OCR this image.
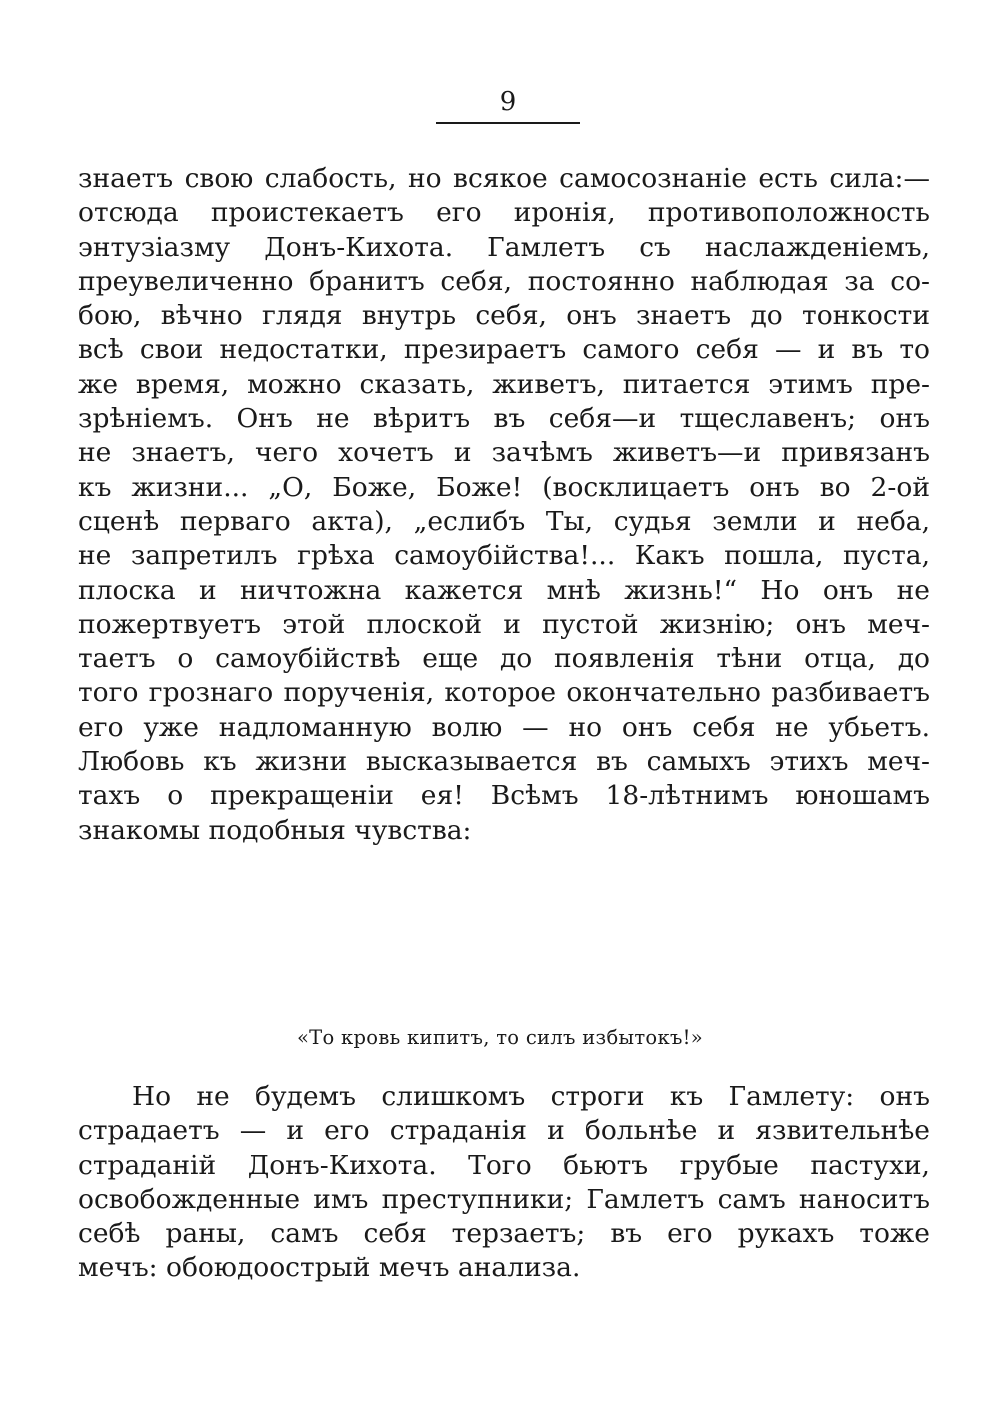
9
знаетъ свою слабость, но всякое самосознаніе есть сила:—
отсюда проистекаетъ его иронія, противоположность
энтузіазму Донъ-Кихота. Гамлетъ съ наслажденіемъ,
преувеличенно бранитъ себя, постоянно наблюдая за со-
бою, вѣчно глядя внутрь себя, онъ знаетъ до тонкости
всѣ свои недостатки, презираетъ самого себя — и въ то
же время, можно сказать, живетъ, питается этимъ пре-
зрѣніемъ. Онъ не вѣритъ въ себя—и тщеславенъ; онъ
не знаетъ, чего хочетъ и зачѣмъ живетъ—и привязанъ
къ жизни... „О, Боже, Боже! (восклицаетъ онъ во 2-ой
сценѣ перваго акта), „еслибъ Ты, судья земли и неба,
не запретилъ грѣха самоубійства!... Какъ пошла, пуста,
плоска и ничтожна кажется мнѣ жизнь!“ Но онъ не
пожертвуетъ этой плоской и пустой жизнію; онъ меч-
таетъ о самоубійствѣ еще до появленія тѣни отца, до
того грознаго порученія, которое окончательно разбиваетъ
его уже надломанную волю — но онъ себя не убьетъ.
Любовь къ жизни высказывается въ самыхъ этихъ меч-
тахъ о прекращеніи ея! Всѣмъ 18-лѣтнимъ юношамъ
знакомы подобныя чувства:
«То кровь кипитъ, то силъ избытокъ!»
Но не будемъ слишкомъ строги къ Гамлету: онъ
страдаетъ — и его страданія и больнѣе и язвительнѣе
страданій Донъ-Кихота. Того бьютъ грубые пастухи,
освобожденные имъ преступники; Гамлетъ самъ наноситъ
себѣ раны, самъ себя терзаетъ; въ его рукахъ тоже
мечъ: обоюдоострый мечъ анализа.
